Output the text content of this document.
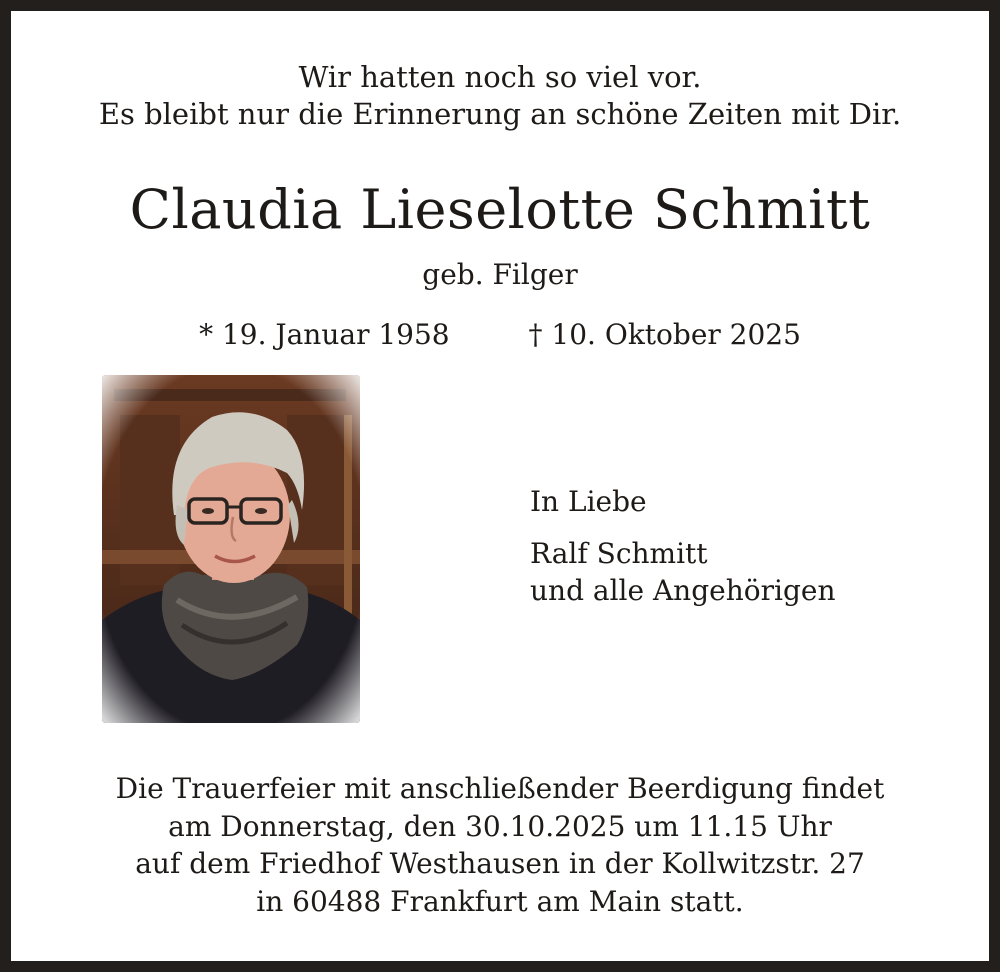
Wir hatten noch so viel vor.
Es bleibt nur die Erinnerung an schöne Zeiten mit Dir.
Claudia Lieselotte Schmitt
geb. Filger
* 19. Januar 1958	† 10. Oktober 2025
In Liebe
Ralf Schmitt
und alle Angehörigen
Die Trauerfeier mit anschließender Beerdigung findet
am Donnerstag, den 30.10.2025 um 11.15 Uhr
auf dem Friedhof Westhausen in der Kollwitzstr. 27
in 60488 Frankfurt am Main statt.
